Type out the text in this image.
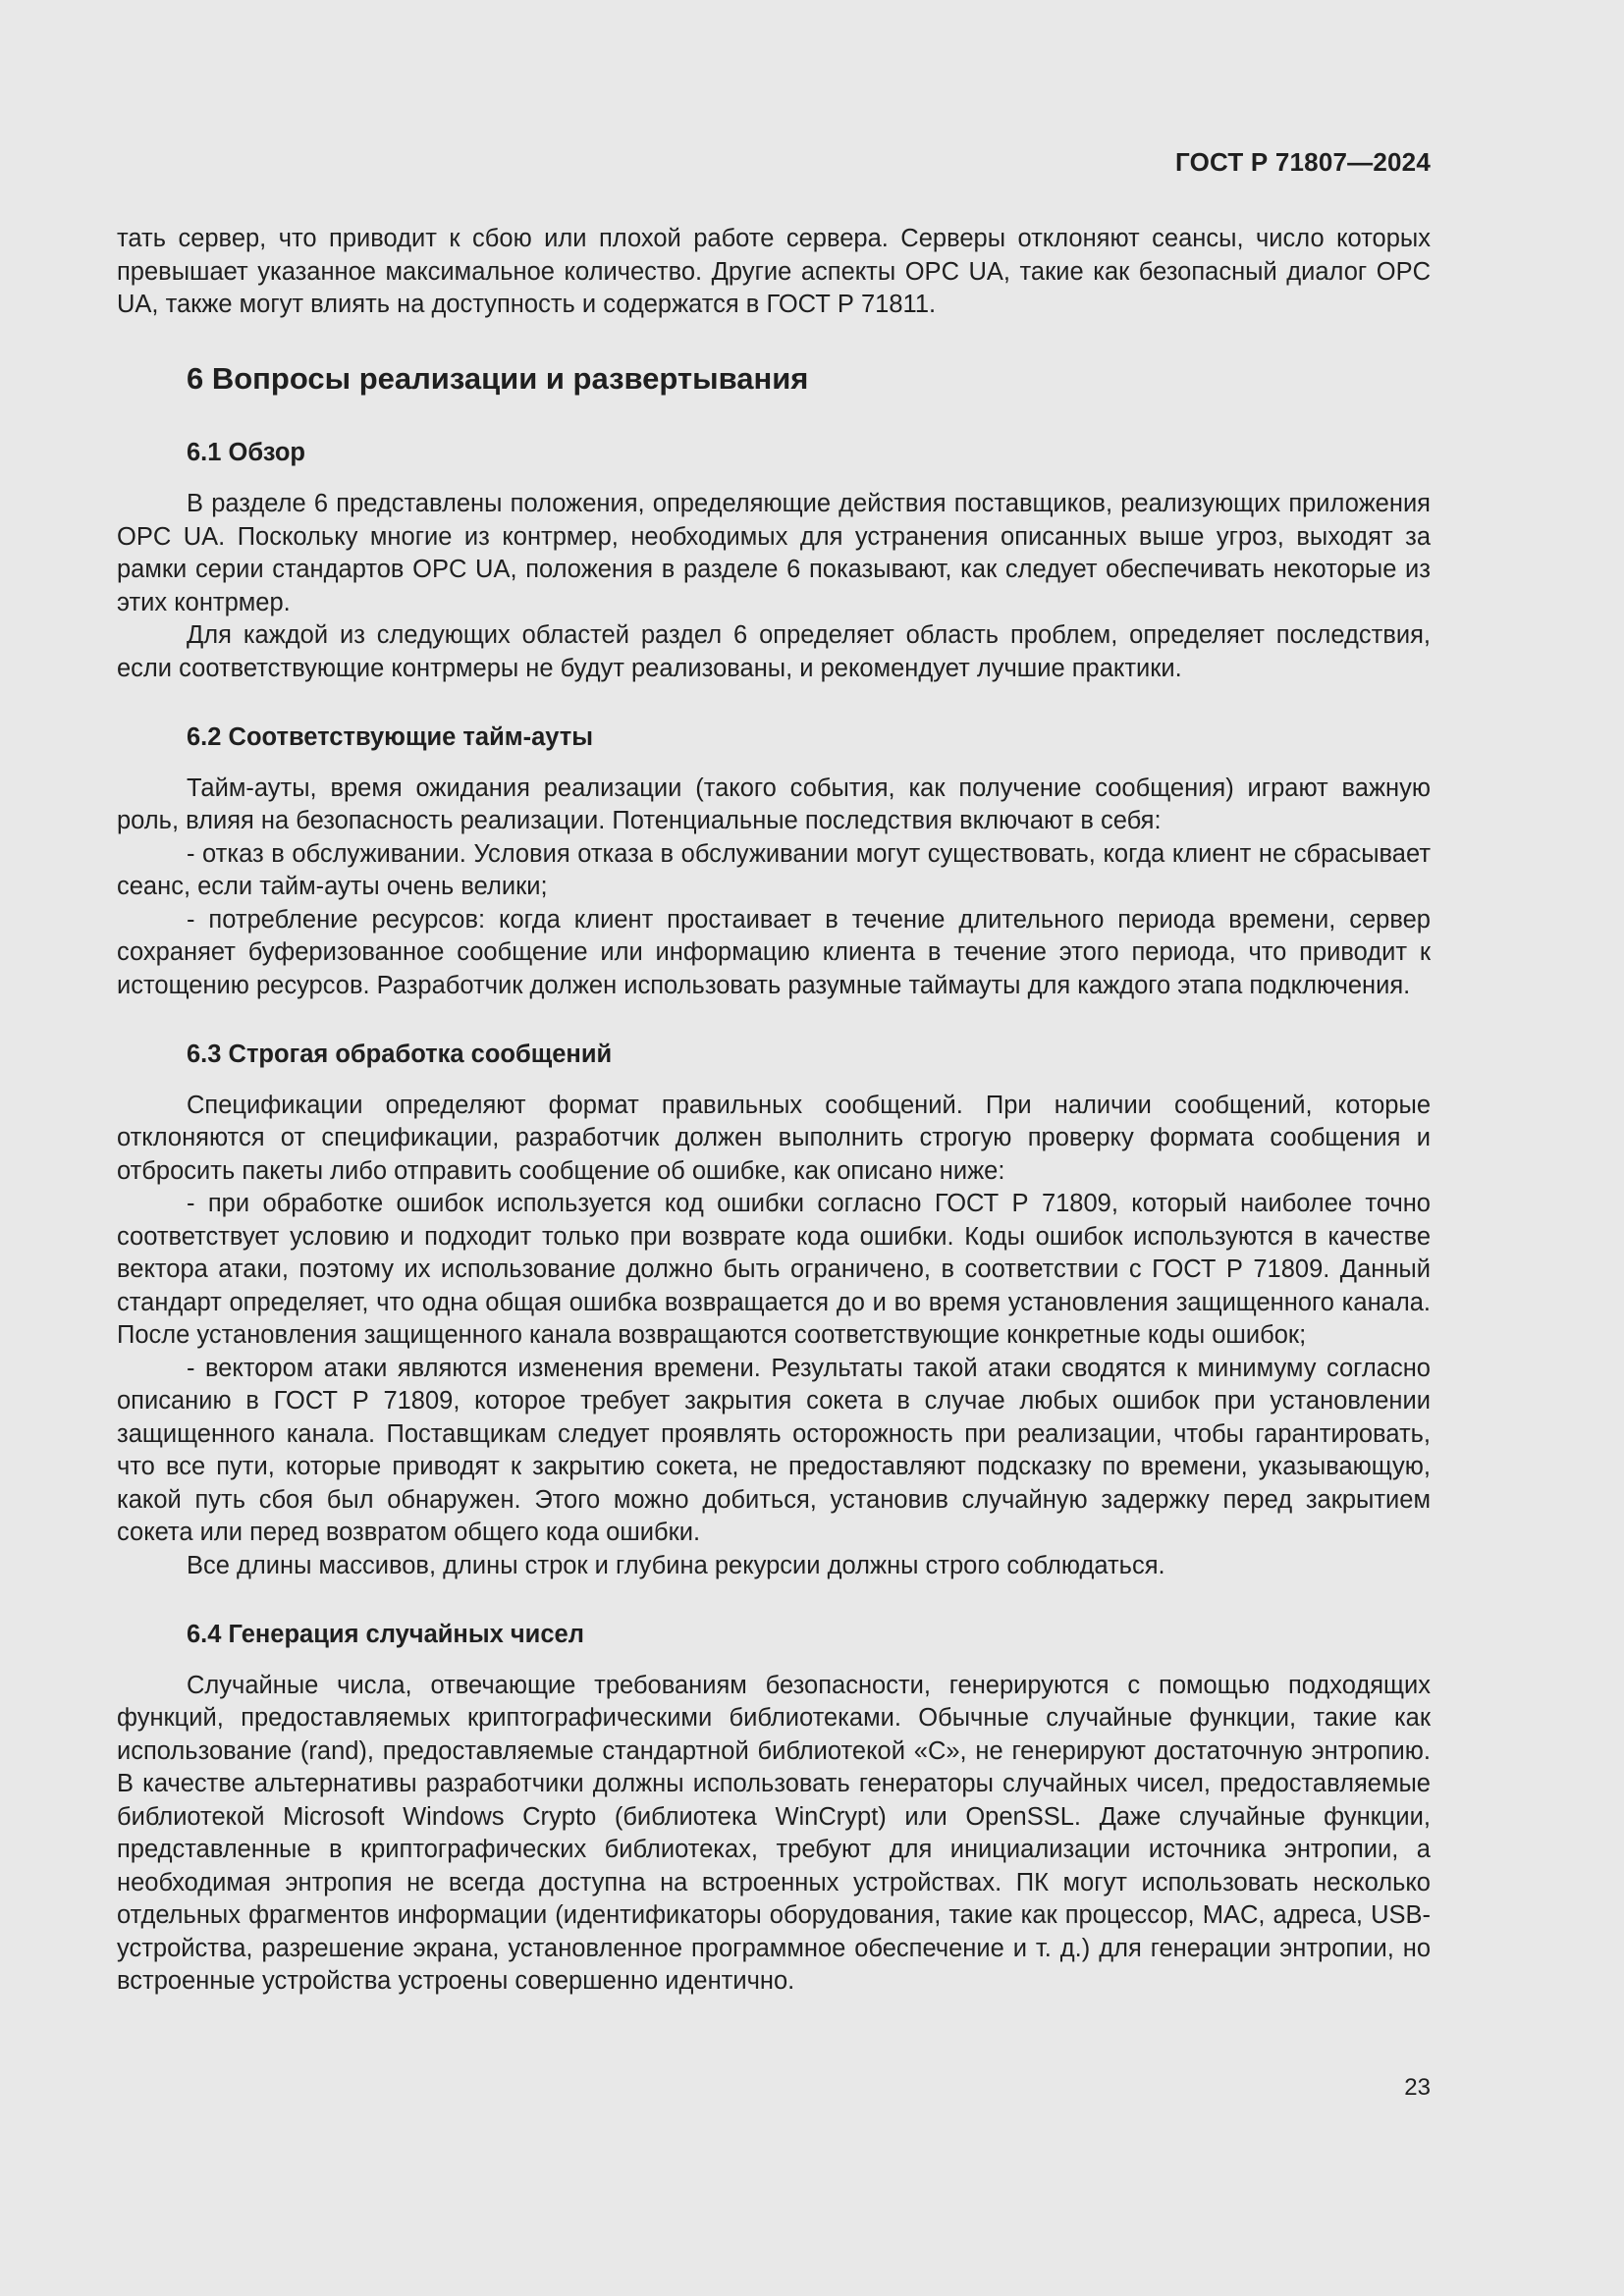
ГОСТ Р 71807—2024

тать сервер, что приводит к сбою или плохой работе сервера. Серверы отклоняют сеансы, число которых превышает указанное максимальное количество. Другие аспекты OPC UA, такие как безопасный диалог OPC UA, также могут влиять на доступность и содержатся в ГОСТ Р 71811.

6 Вопросы реализации и развертывания
6.1 Обзор

В разделе 6 представлены положения, определяющие действия поставщиков, реализующих приложения OPC UA. Поскольку многие из контрмер, необходимых для устранения описанных выше угроз, выходят за рамки серии стандартов OPC UA, положения в разделе 6 показывают, как следует обеспечивать некоторые из этих контрмер.

Для каждой из следующих областей раздел 6 определяет область проблем, определяет последствия, если соответствующие контрмеры не будут реализованы, и рекомендует лучшие практики.

6.2 Соответствующие тайм-ауты

Тайм-ауты, время ожидания реализации (такого события, как получение сообщения) играют важную роль, влияя на безопасность реализации. Потенциальные последствия включают в себя:

- отказ в обслуживании. Условия отказа в обслуживании могут существовать, когда клиент не сбрасывает сеанс, если тайм-ауты очень велики;

- потребление ресурсов: когда клиент простаивает в течение длительного периода времени, сервер сохраняет буферизованное сообщение или информацию клиента в течение этого периода, что приводит к истощению ресурсов. Разработчик должен использовать разумные таймауты для каждого этапа подключения.

6.3 Строгая обработка сообщений

Спецификации определяют формат правильных сообщений. При наличии сообщений, которые отклоняются от спецификации, разработчик должен выполнить строгую проверку формата сообщения и отбросить пакеты либо отправить сообщение об ошибке, как описано ниже:

- при обработке ошибок используется код ошибки согласно ГОСТ Р 71809, который наиболее точно соответствует условию и подходит только при возврате кода ошибки. Коды ошибок используются в качестве вектора атаки, поэтому их использование должно быть ограничено, в соответствии с ГОСТ Р 71809. Данный стандарт определяет, что одна общая ошибка возвращается до и во время установления защищенного канала. После установления защищенного канала возвращаются соответствующие конкретные коды ошибок;

- вектором атаки являются изменения времени. Результаты такой атаки сводятся к минимуму согласно описанию в ГОСТ Р 71809, которое требует закрытия сокета в случае любых ошибок при установлении защищенного канала. Поставщикам следует проявлять осторожность при реализации, чтобы гарантировать, что все пути, которые приводят к закрытию сокета, не предоставляют подсказку по времени, указывающую, какой путь сбоя был обнаружен. Этого можно добиться, установив случайную задержку перед закрытием сокета или перед возвратом общего кода ошибки.

Все длины массивов, длины строк и глубина рекурсии должны строго соблюдаться.

6.4 Генерация случайных чисел

Случайные числа, отвечающие требованиям безопасности, генерируются с помощью подходящих функций, предоставляемых криптографическими библиотеками. Обычные случайные функции, такие как использование (rand), предоставляемые стандартной библиотекой «С», не генерируют достаточную энтропию. В качестве альтернативы разработчики должны использовать генераторы случайных чисел, предоставляемые библиотекой Microsoft Windows Crypto (библиотека WinCrypt) или OpenSSL. Даже случайные функции, представленные в криптографических библиотеках, требуют для инициализации источника энтропии, а необходимая энтропия не всегда доступна на встроенных устройствах. ПК могут использовать несколько отдельных фрагментов информации (идентификаторы оборудования, такие как процессор, MAC, адреса, USB-устройства, разрешение экрана, установленное программное обеспечение и т. д.) для генерации энтропии, но встроенные устройства устроены совершенно идентично.

23
